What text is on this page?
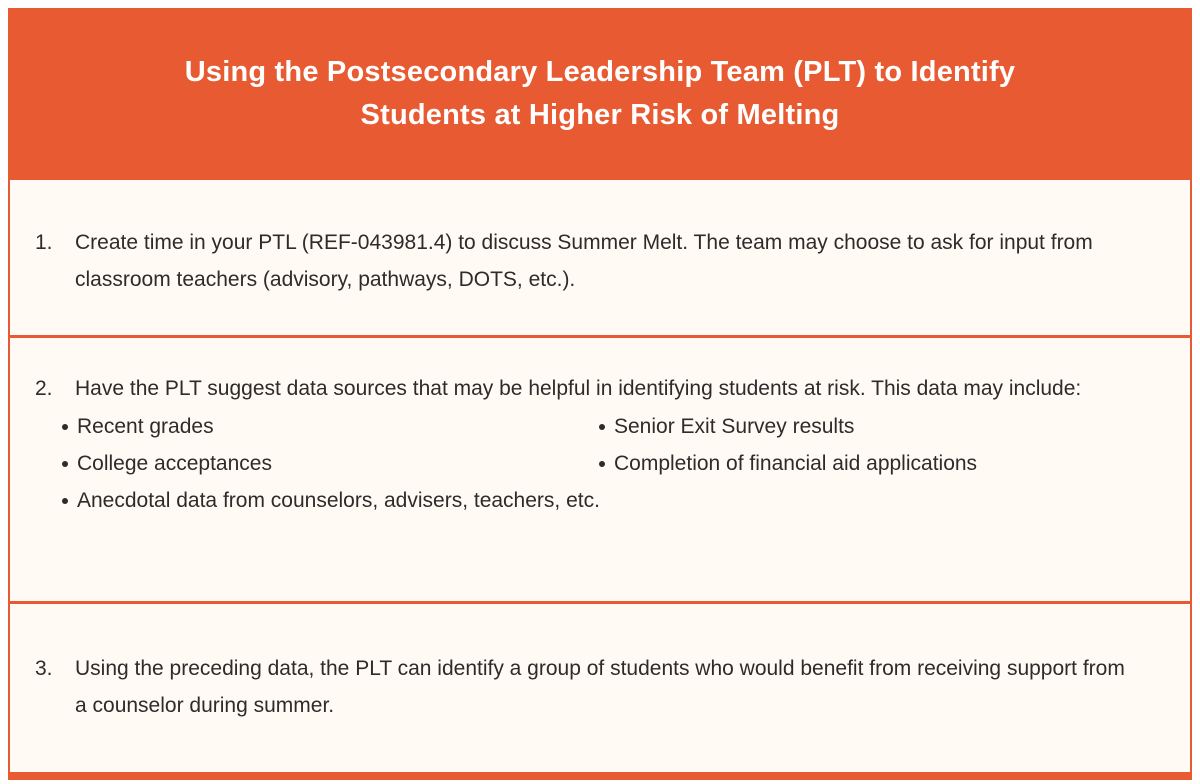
Using the Postsecondary Leadership Team (PLT) to Identify
Students at Higher Risk of Melting
1.	Create time in your PTL (REF-043981.4) to discuss Summer Melt. The team may choose to ask for input from classroom teachers (advisory, pathways, DOTS, etc.).

2.	Have the PLT suggest data sources that may be helpful in identifying students at risk. This data may include:

Recent grades	Senior Exit Survey results
College acceptances	Completion of financial aid applications
Anecdotal data from counselors, advisers, teachers, etc.
3.	Using the preceding data, the PLT can identify a group of students who would benefit from receiving support from a counselor during summer.
